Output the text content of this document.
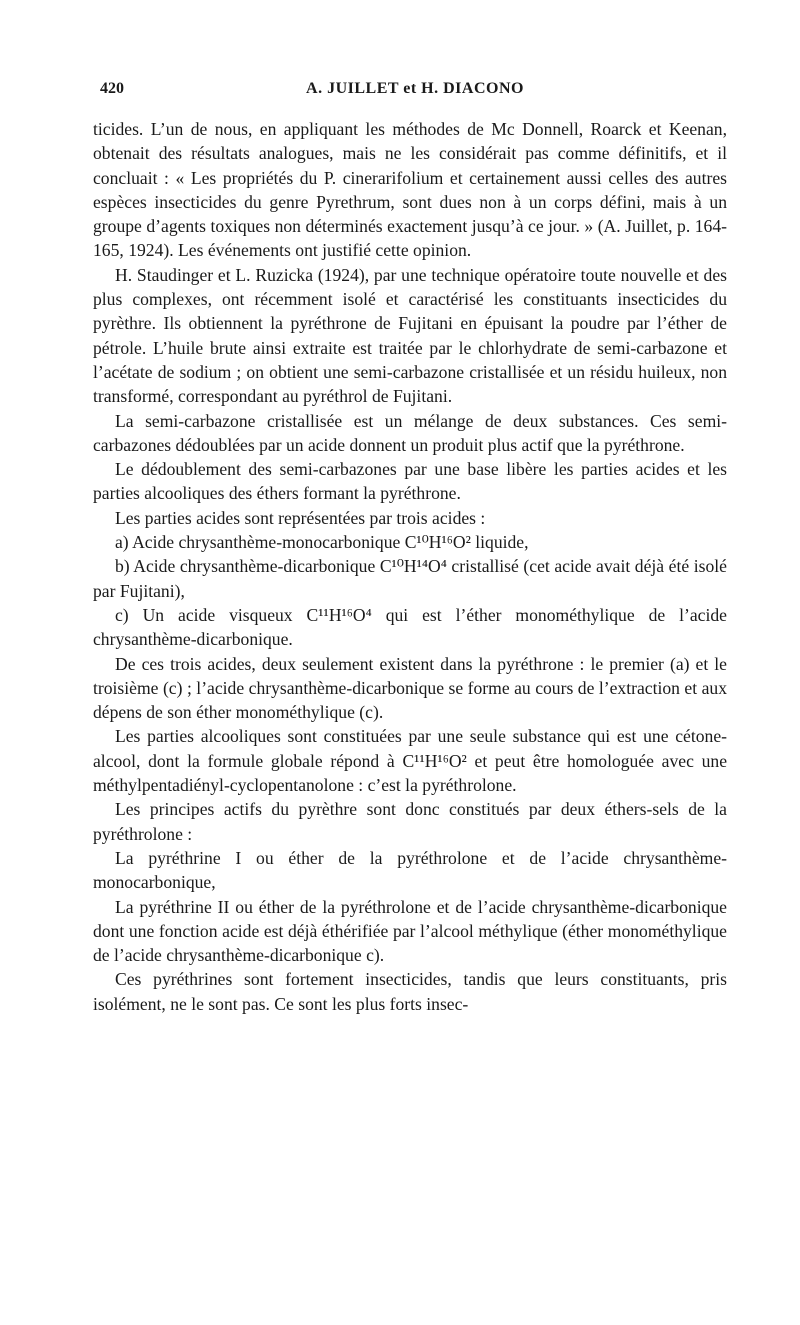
420	A. JUILLET et H. DIACONO

ticides. L’un de nous, en appliquant les méthodes de Mc Donnell, Roarck et Keenan, obtenait des résultats analogues, mais ne les considérait pas comme définitifs, et il concluait : « Les propriétés du P. cinerarifolium et certainement aussi celles des autres espèces insecticides du genre Pyrethrum, sont dues non à un corps défini, mais à un groupe d’agents toxiques non déterminés exactement jusqu’à ce jour. » (A. Juillet, p. 164-165, 1924). Les événements ont justifié cette opinion.

H. Staudinger et L. Ruzicka (1924), par une technique opératoire toute nouvelle et des plus complexes, ont récemment isolé et caractérisé les constituants insecticides du pyrèthre. Ils obtiennent la pyréthrone de Fujitani en épuisant la poudre par l’éther de pétrole. L’huile brute ainsi extraite est traitée par le chlorhydrate de semi-carbazone et l’acétate de sodium ; on obtient une semi-carbazone cristallisée et un résidu huileux, non transformé, correspondant au pyréthrol de Fujitani.

La semi-carbazone cristallisée est un mélange de deux substances. Ces semi-carbazones dédoublées par un acide donnent un produit plus actif que la pyréthrone.

Le dédoublement des semi-carbazones par une base libère les parties acides et les parties alcooliques des éthers formant la pyréthrone.

Les parties acides sont représentées par trois acides :

a) Acide chrysanthème-monocarbonique C¹⁰H¹⁶O² liquide,

b) Acide chrysanthème-dicarbonique C¹⁰H¹⁴O⁴ cristallisé (cet acide avait déjà été isolé par Fujitani),

c) Un acide visqueux C¹¹H¹⁶O⁴ qui est l’éther monométhylique de l’acide chrysanthème-dicarbonique.

De ces trois acides, deux seulement existent dans la pyréthrone : le premier (a) et le troisième (c) ; l’acide chrysanthème-dicarbonique se forme au cours de l’extraction et aux dépens de son éther monométhylique (c).

Les parties alcooliques sont constituées par une seule substance qui est une cétone-alcool, dont la formule globale répond à C¹¹H¹⁶O² et peut être homologuée avec une méthylpentadiényl-cyclopentanolone : c’est la pyréthrolone.

Les principes actifs du pyrèthre sont donc constitués par deux éthers-sels de la pyréthrolone :

La pyréthrine I ou éther de la pyréthrolone et de l’acide chrysanthème-monocarbonique,

La pyréthrine II ou éther de la pyréthrolone et de l’acide chrysanthème-dicarbonique dont une fonction acide est déjà éthérifiée par l’alcool méthylique (éther monométhylique de l’acide chrysanthème-dicarbonique c).

Ces pyréthrines sont fortement insecticides, tandis que leurs constituants, pris isolément, ne le sont pas. Ce sont les plus forts insec-
